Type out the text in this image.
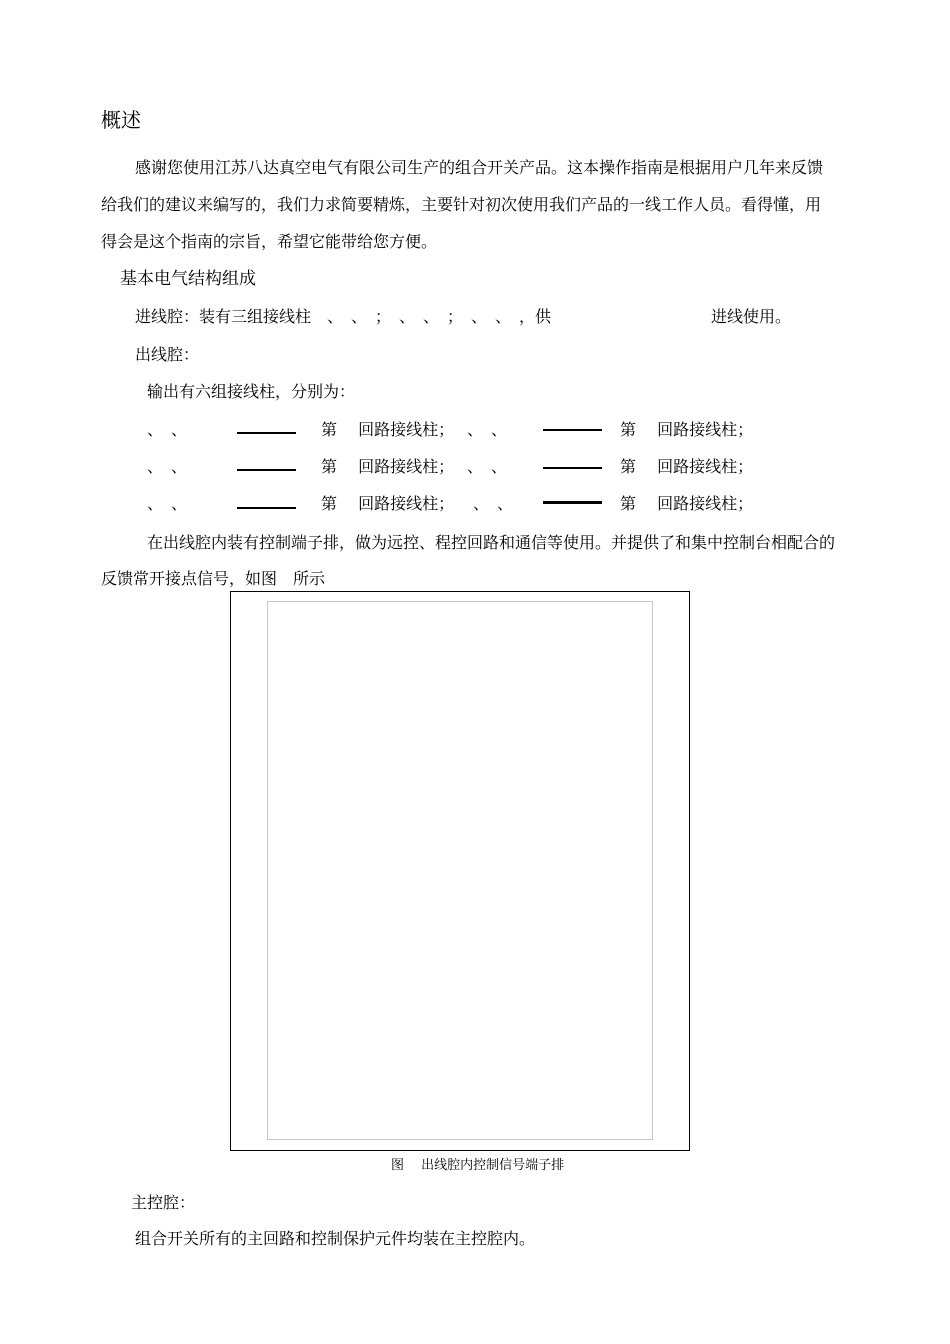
概述
感谢您使用江苏八达真空电气有限公司生产的组合开关产品。这本操作指南是根据用户几年来反馈
给我们的建议来编写的，我们力求简要精炼，主要针对初次使用我们产品的一线工作人员。看得懂，用
得会是这个指南的宗旨，希望它能带给您方便。
基本电气结构组成
进线腔：装有三组接线柱　、　、　；　、　、　；　、　、　，供	进线使用。
出线腔：
输出有六组接线柱，分别为：
、　、	第　 回路接线柱； 、　、	第　 回路接线柱；
、　、	第　 回路接线柱； 、　、	第　 回路接线柱；
、　、	第　 回路接线柱； 、　、	第　 回路接线柱；
在出线腔内装有控制端子排，做为远控、程控回路和通信等使用。并提供了和集中控制台相配合的
反馈常开接点信号，如图　所示
图　 出线腔内控制信号端子排
主控腔：
组合开关所有的主回路和控制保护元件均装在主控腔内。
